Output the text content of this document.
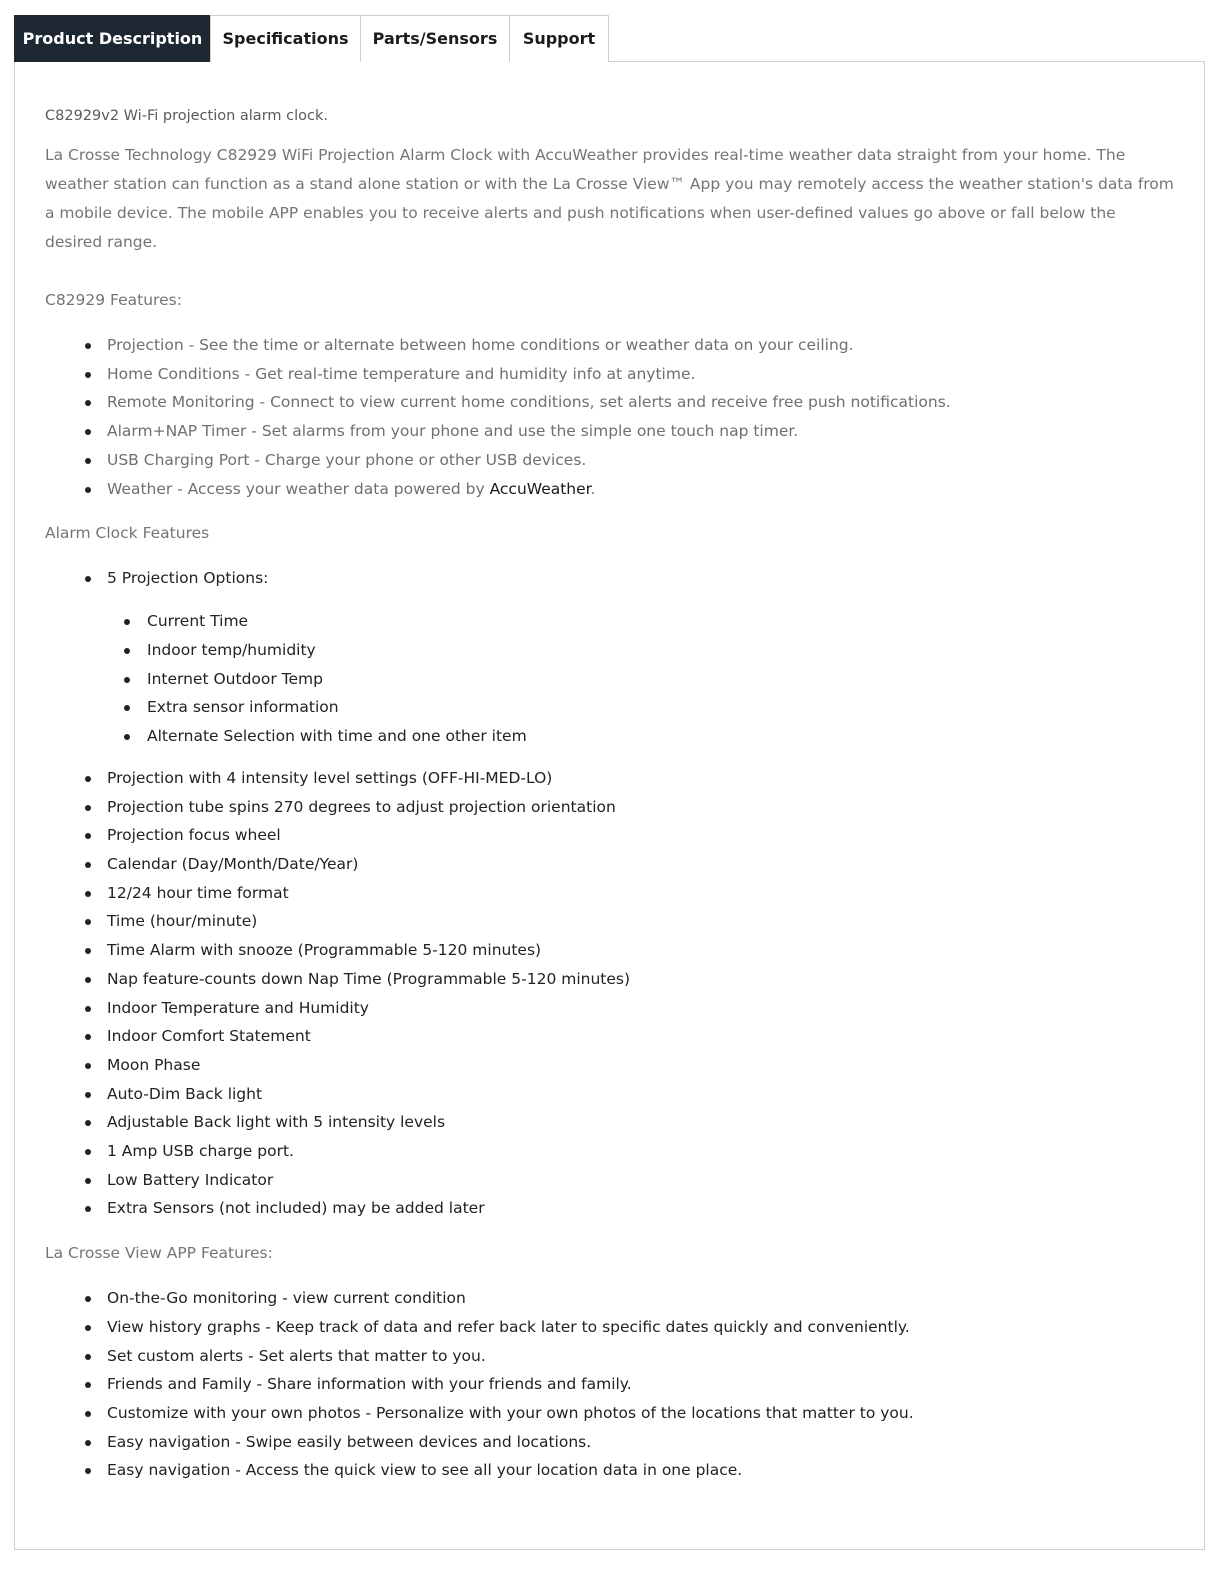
Product Description	Specifications	Parts/Sensors	Support

C82929v2 Wi-Fi projection alarm clock.

La Crosse Technology C82929 WiFi Projection Alarm Clock with AccuWeather provides real-time weather data straight from your home. The weather station can function as a stand alone station or with the La Crosse View™ App you may remotely access the weather station's data from a mobile device. The mobile APP enables you to receive alerts and push notifications when user-defined values go above or fall below the desired range.

C82929 Features:

Projection - See the time or alternate between home conditions or weather data on your ceiling.
Home Conditions - Get real-time temperature and humidity info at anytime.
Remote Monitoring - Connect to view current home conditions, set alerts and receive free push notifications.
Alarm+NAP Timer - Set alarms from your phone and use the simple one touch nap timer.
USB Charging Port - Charge your phone or other USB devices.
Weather - Access your weather data powered by AccuWeather.

Alarm Clock Features

5 Projection Options:
Current Time
Indoor temp/humidity
Internet Outdoor Temp
Extra sensor information
Alternate Selection with time and one other item
Projection with 4 intensity level settings (OFF-HI-MED-LO)
Projection tube spins 270 degrees to adjust projection orientation
Projection focus wheel
Calendar (Day/Month/Date/Year)
12/24 hour time format
Time (hour/minute)
Time Alarm with snooze (Programmable 5-120 minutes)
Nap feature-counts down Nap Time (Programmable 5-120 minutes)
Indoor Temperature and Humidity
Indoor Comfort Statement
Moon Phase
Auto-Dim Back light
Adjustable Back light with 5 intensity levels
1 Amp USB charge port.
Low Battery Indicator
Extra Sensors (not included) may be added later

La Crosse View APP Features:

On-the-Go monitoring - view current condition
View history graphs - Keep track of data and refer back later to specific dates quickly and conveniently.
Set custom alerts - Set alerts that matter to you.
Friends and Family - Share information with your friends and family.
Customize with your own photos - Personalize with your own photos of the locations that matter to you.
Easy navigation - Swipe easily between devices and locations.
Easy navigation - Access the quick view to see all your location data in one place.
